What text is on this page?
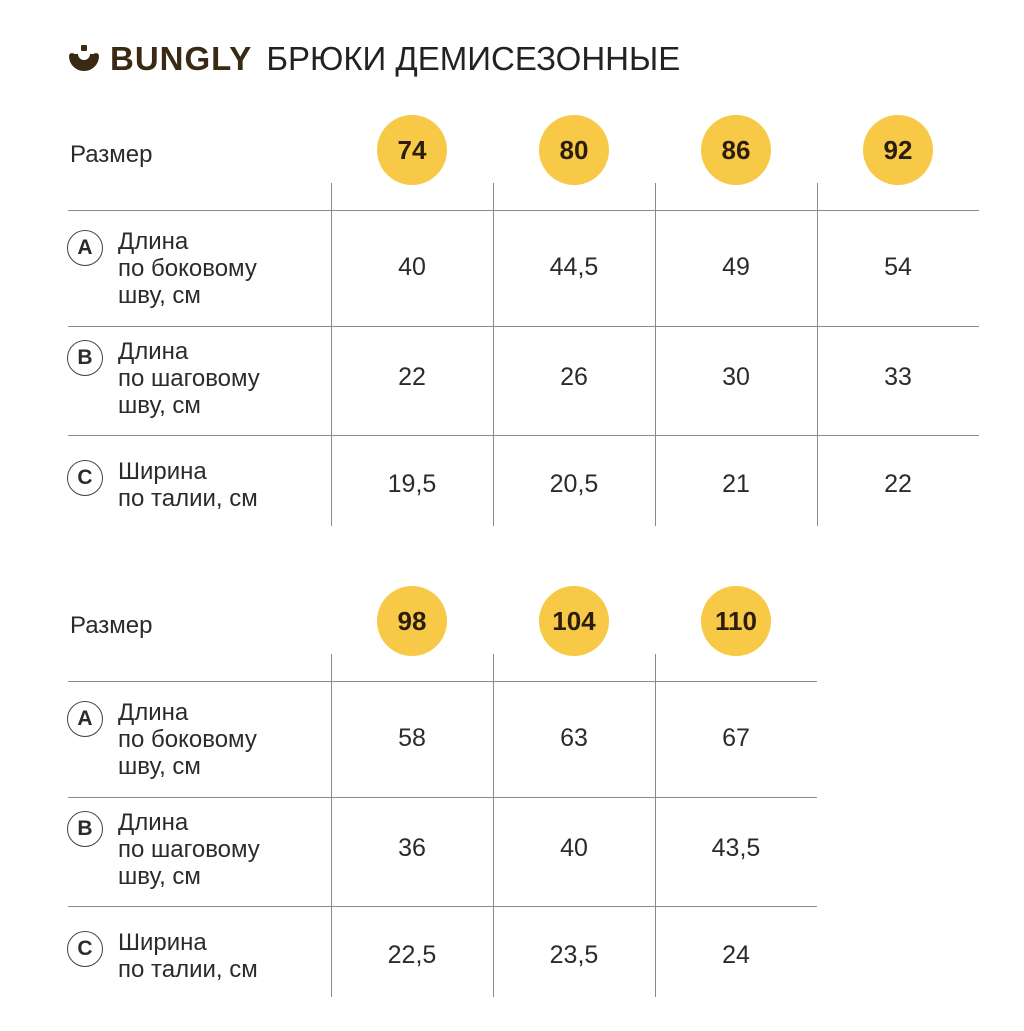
BUNGLY БРЮКИ ДЕМИСЕЗОННЫЕ
Размер	74	80	86	92
A	Длина
по боковому
шву, см
40	44,5	49	54
B	Длина
по шаговому
шву, см
22	26	30	33
C	Ширина
по талии, см
19,5	20,5	21	22
Размер	98	104	110
A	Длина
по боковому
шву, см
58	63	67
B	Длина
по шаговому
шву, см
36	40	43,5
C	Ширина
по талии, см
22,5	23,5	24
